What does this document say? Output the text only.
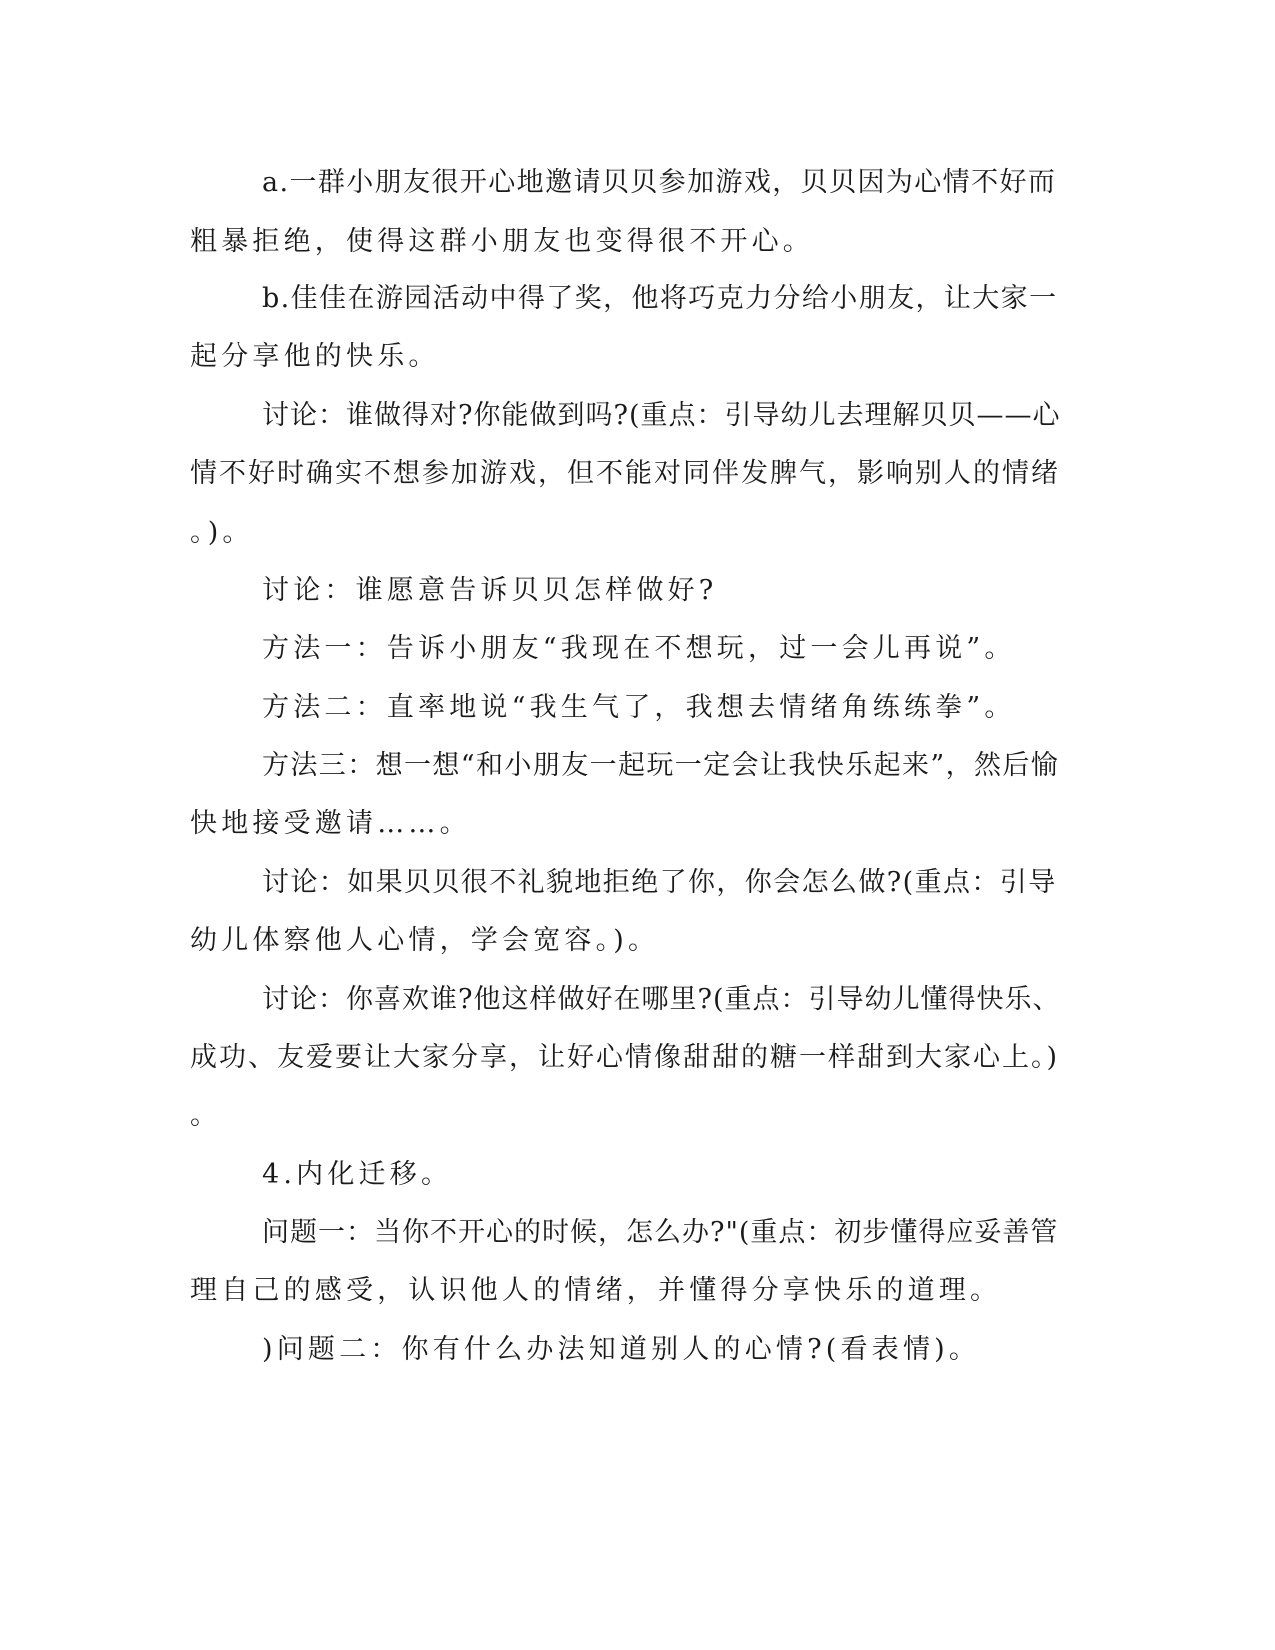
a.一群小朋友很开心地邀请贝贝参加游戏，贝贝因为心情不好而
粗暴拒绝，使得这群小朋友也变得很不开心。
b.佳佳在游园活动中得了奖，他将巧克力分给小朋友，让大家一
起分享他的快乐。
讨论：谁做得对?你能做到吗?(重点：引导幼儿去理解贝贝——心
情不好时确实不想参加游戏，但不能对同伴发脾气，影响别人的情绪
。)。
讨论：谁愿意告诉贝贝怎样做好?
方法一：告诉小朋友“我现在不想玩，过一会儿再说”。
方法二：直率地说“我生气了，我想去情绪角练练拳”。
方法三：想一想“和小朋友一起玩一定会让我快乐起来”，然后愉
快地接受邀请……。
讨论：如果贝贝很不礼貌地拒绝了你，你会怎么做?(重点：引导
幼儿体察他人心情，学会宽容。)。
讨论：你喜欢谁?他这样做好在哪里?(重点：引导幼儿懂得快乐、
成功、友爱要让大家分享，让好心情像甜甜的糖一样甜到大家心上。)
。
4.内化迁移。
问题一：当你不开心的时候，怎么办?"(重点：初步懂得应妥善管
理自己的感受，认识他人的情绪，并懂得分享快乐的道理。
)问题二：你有什么办法知道别人的心情?(看表情)。
